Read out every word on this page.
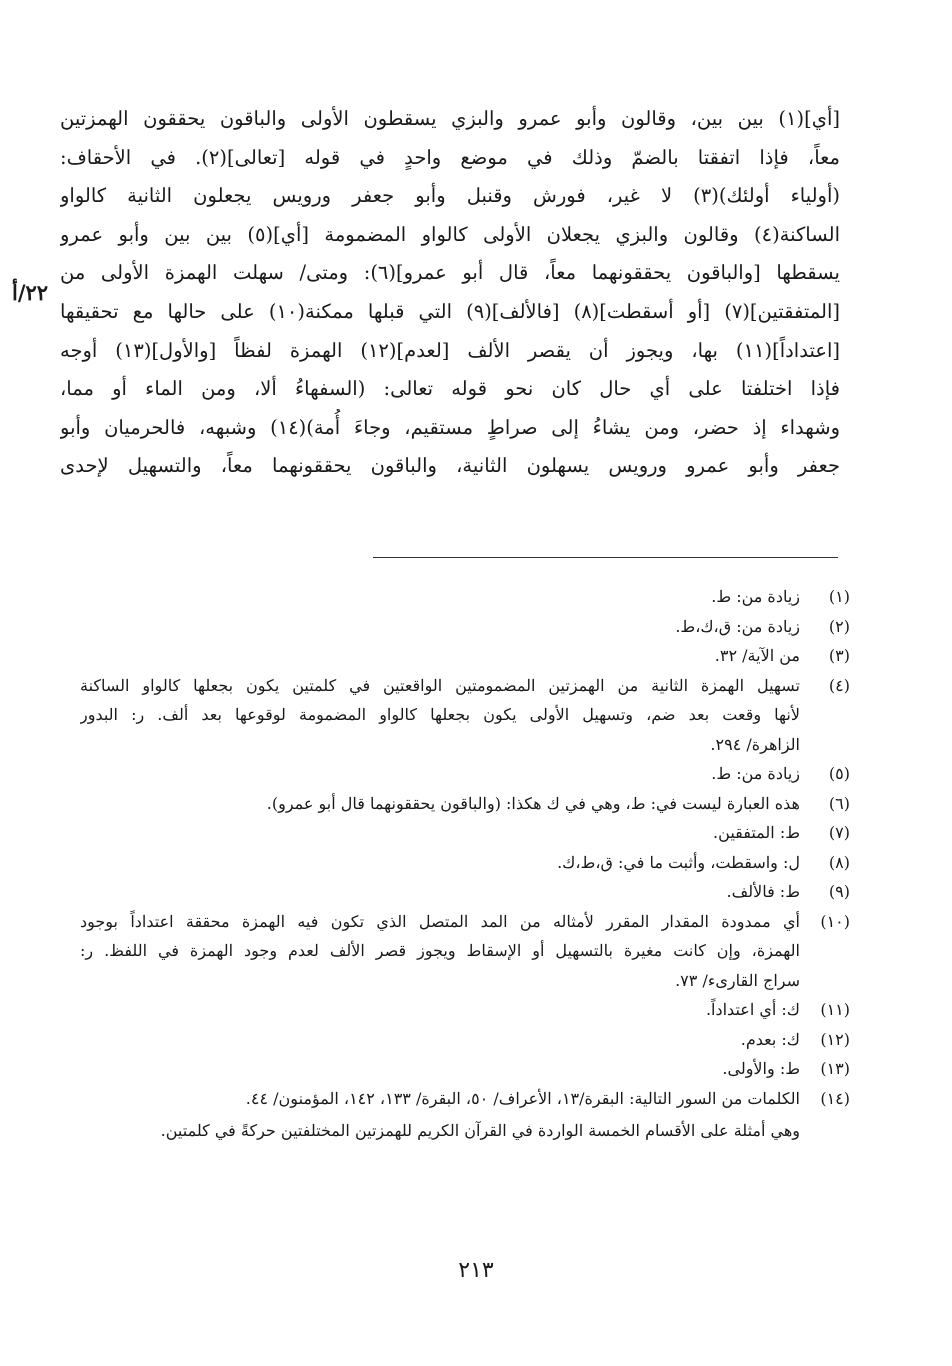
[أي](١) بين بين، وقالون وأبو عمرو والبزي يسقطون الأولى والباقون يحققون الهمزتين
معاً، فإذا اتفقتا بالضمّ وذلك في موضع واحدٍ في قوله [تعالى](٢). في الأحقاف:
(أولياء أولئك)(٣) لا غير، فورش وقنبل وأبو جعفر ورويس يجعلون الثانية كالواو
الساكنة(٤) وقالون والبزي يجعلان الأولى كالواو المضمومة [أي](٥) بين بين وأبو عمرو
يسقطها [والباقون يحققونهما معاً، قال أبو عمرو](٦): ومتى/ سهلت الهمزة الأولى من
[المتفقتين](٧) [أو أسقطت](٨) [فالألف](٩) التي قبلها ممكنة(١٠) على حالها مع تحقيقها
[اعتداداً](١١) بها، ويجوز أن يقصر الألف [لعدم](١٢) الهمزة لفظاً [والأول](١٣) أوجه
فإذا اختلفتا على أي حال كان نحو قوله تعالى: (السفهاءُ ألا، ومن الماء أو مما،
وشهداء إذ حضر، ومن يشاءُ إلى صراطٍ مستقيم، وجاءَ أُمة)(١٤) وشبهه، فالحرميان وأبو
جعفر وأبو عمرو ورويس يسهلون الثانية، والباقون يحققونهما معاً، والتسهيل لإحدى
٢٢/أ
(١)
زيادة من: ط.
(٢)
زيادة من: ق،ك،ط.
(٣)
من الآية/ ٣٢.
(٤)
تسهيل الهمزة الثانية من الهمزتين المضمومتين الواقعتين في كلمتين يكون بجعلها كالواو الساكنة
لأنها وقعت بعد ضم، وتسهيل الأولى يكون بجعلها كالواو المضمومة لوقوعها بعد ألف. ر: البدور
الزاهرة/ ٢٩٤.
(٥)
زيادة من: ط.
(٦)
هذه العبارة ليست في: ط، وهي في ك هكذا: (والباقون يحققونهما قال أبو عمرو).
(٧)
ط: المتفقين.
(٨)
ل: واسقطت، وأثبت ما في: ق،ط،ك.
(٩)
ط: فالألف.
(١٠)
أي ممدودة المقدار المقرر لأمثاله من المد المتصل الذي تكون فيه الهمزة محققة اعتداداً بوجود
الهمزة، وإن كانت مغيرة بالتسهيل أو الإسقاط ويجوز قصر الألف لعدم وجود الهمزة في اللفظ. ر:
سراج القارىء/ ٧٣.
(١١)
ك: أي اعتداداً.
(١٢)
ك: بعدم.
(١٣)
ط: والأولى.
(١٤)
الكلمات من السور التالية: البقرة/١٣، الأعراف/ ٥٠، البقرة/ ١٣٣، ١٤٢، المؤمنون/ ٤٤.
وهي أمثلة على الأقسام الخمسة الواردة في القرآن الكريم للهمزتين المختلفتين حركةً في كلمتين.
٢١٣
